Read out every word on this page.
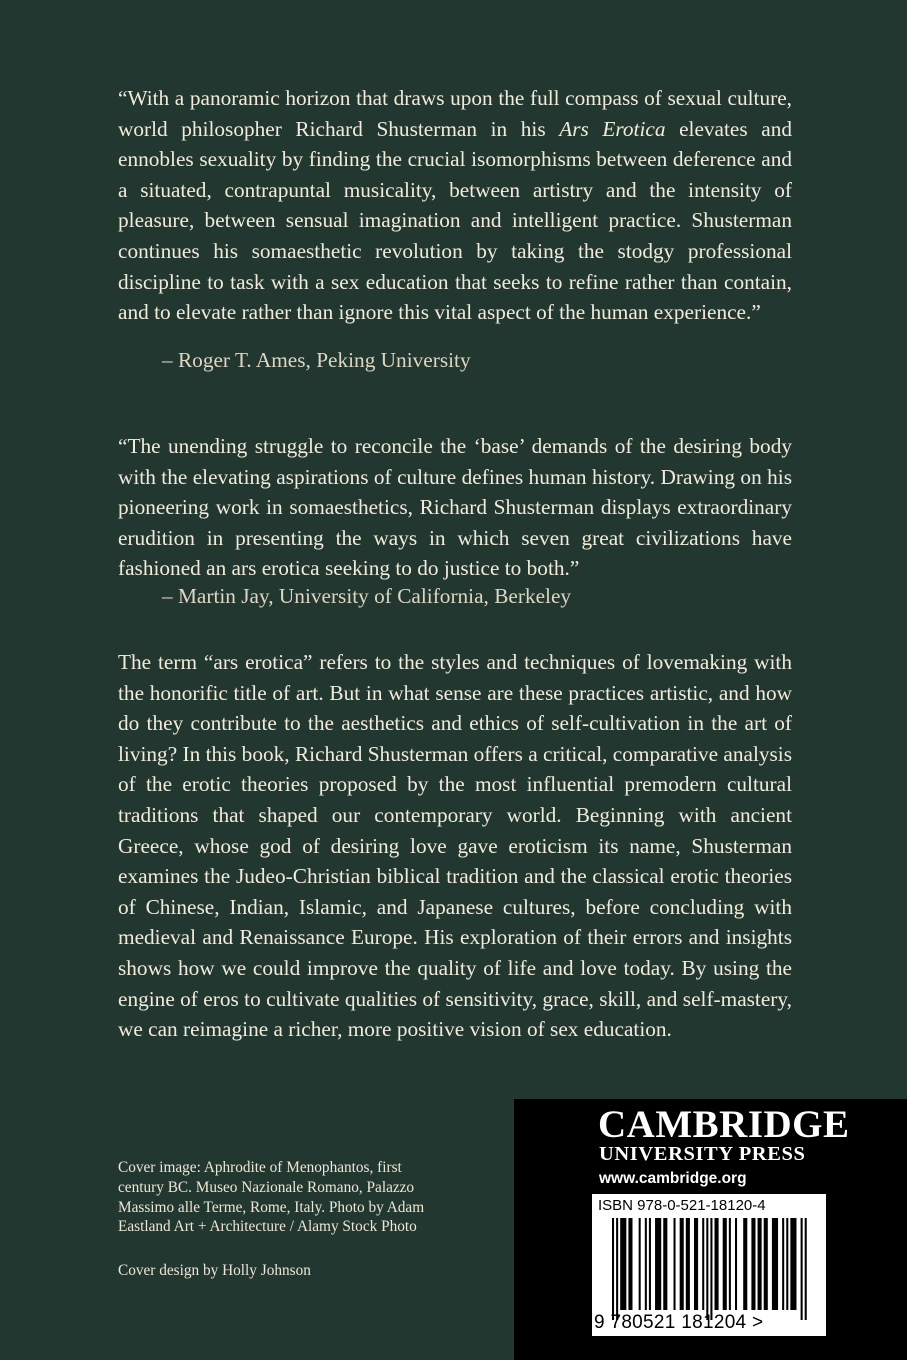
“With a panoramic horizon that draws upon the full compass of sexual culture, world philosopher Richard Shusterman in his Ars Erotica elevates and ennobles sexuality by finding the crucial isomorphisms between deference and a situated, contrapuntal musicality, between artistry and the intensity of pleasure, between sensual imagination and intelligent practice. Shusterman continues his somaesthetic revolution by taking the stodgy professional discipline to task with a sex education that seeks to refine rather than contain, and to elevate rather than ignore this vital aspect of the human experience.”

– Roger T. Ames, Peking University

“The unending struggle to reconcile the ‘base’ demands of the desiring body with the elevating aspirations of culture defines human history. Drawing on his pioneering work in somaesthetics, Richard Shusterman displays extraordinary erudition in presenting the ways in which seven great civilizations have fashioned an ars erotica seeking to do justice to both.”

– Martin Jay, University of California, Berkeley

The term “ars erotica” refers to the styles and techniques of lovemaking with the honorific title of art. But in what sense are these practices artistic, and how do they contribute to the aesthetics and ethics of self-cultivation in the art of living? In this book, Richard Shusterman offers a critical, comparative analysis of the erotic theories proposed by the most influential premodern cultural traditions that shaped our contemporary world. Beginning with ancient Greece, whose god of desiring love gave eroticism its name, Shusterman examines the Judeo-Christian biblical tradition and the classical erotic theories of Chinese, Indian, Islamic, and Japanese cultures, before concluding with medieval and Renaissance Europe. His exploration of their errors and insights shows how we could improve the quality of life and love today. By using the engine of eros to cultivate qualities of sensitivity, grace, skill, and self-mastery, we can reimagine a richer, more positive vision of sex education.

Cover image: Aphrodite of Menophantos, first century BC. Museo Nazionale Romano, Palazzo Massimo alle Terme, Rome, Italy. Photo by Adam Eastland Art + Architecture / Alamy Stock Photo
Cover design by Holly Johnson
CAMBRIDGE
UNIVERSITY PRESS
www.cambridge.org
ISBN 978-0-521-18120-4
9 780521 181204 >
